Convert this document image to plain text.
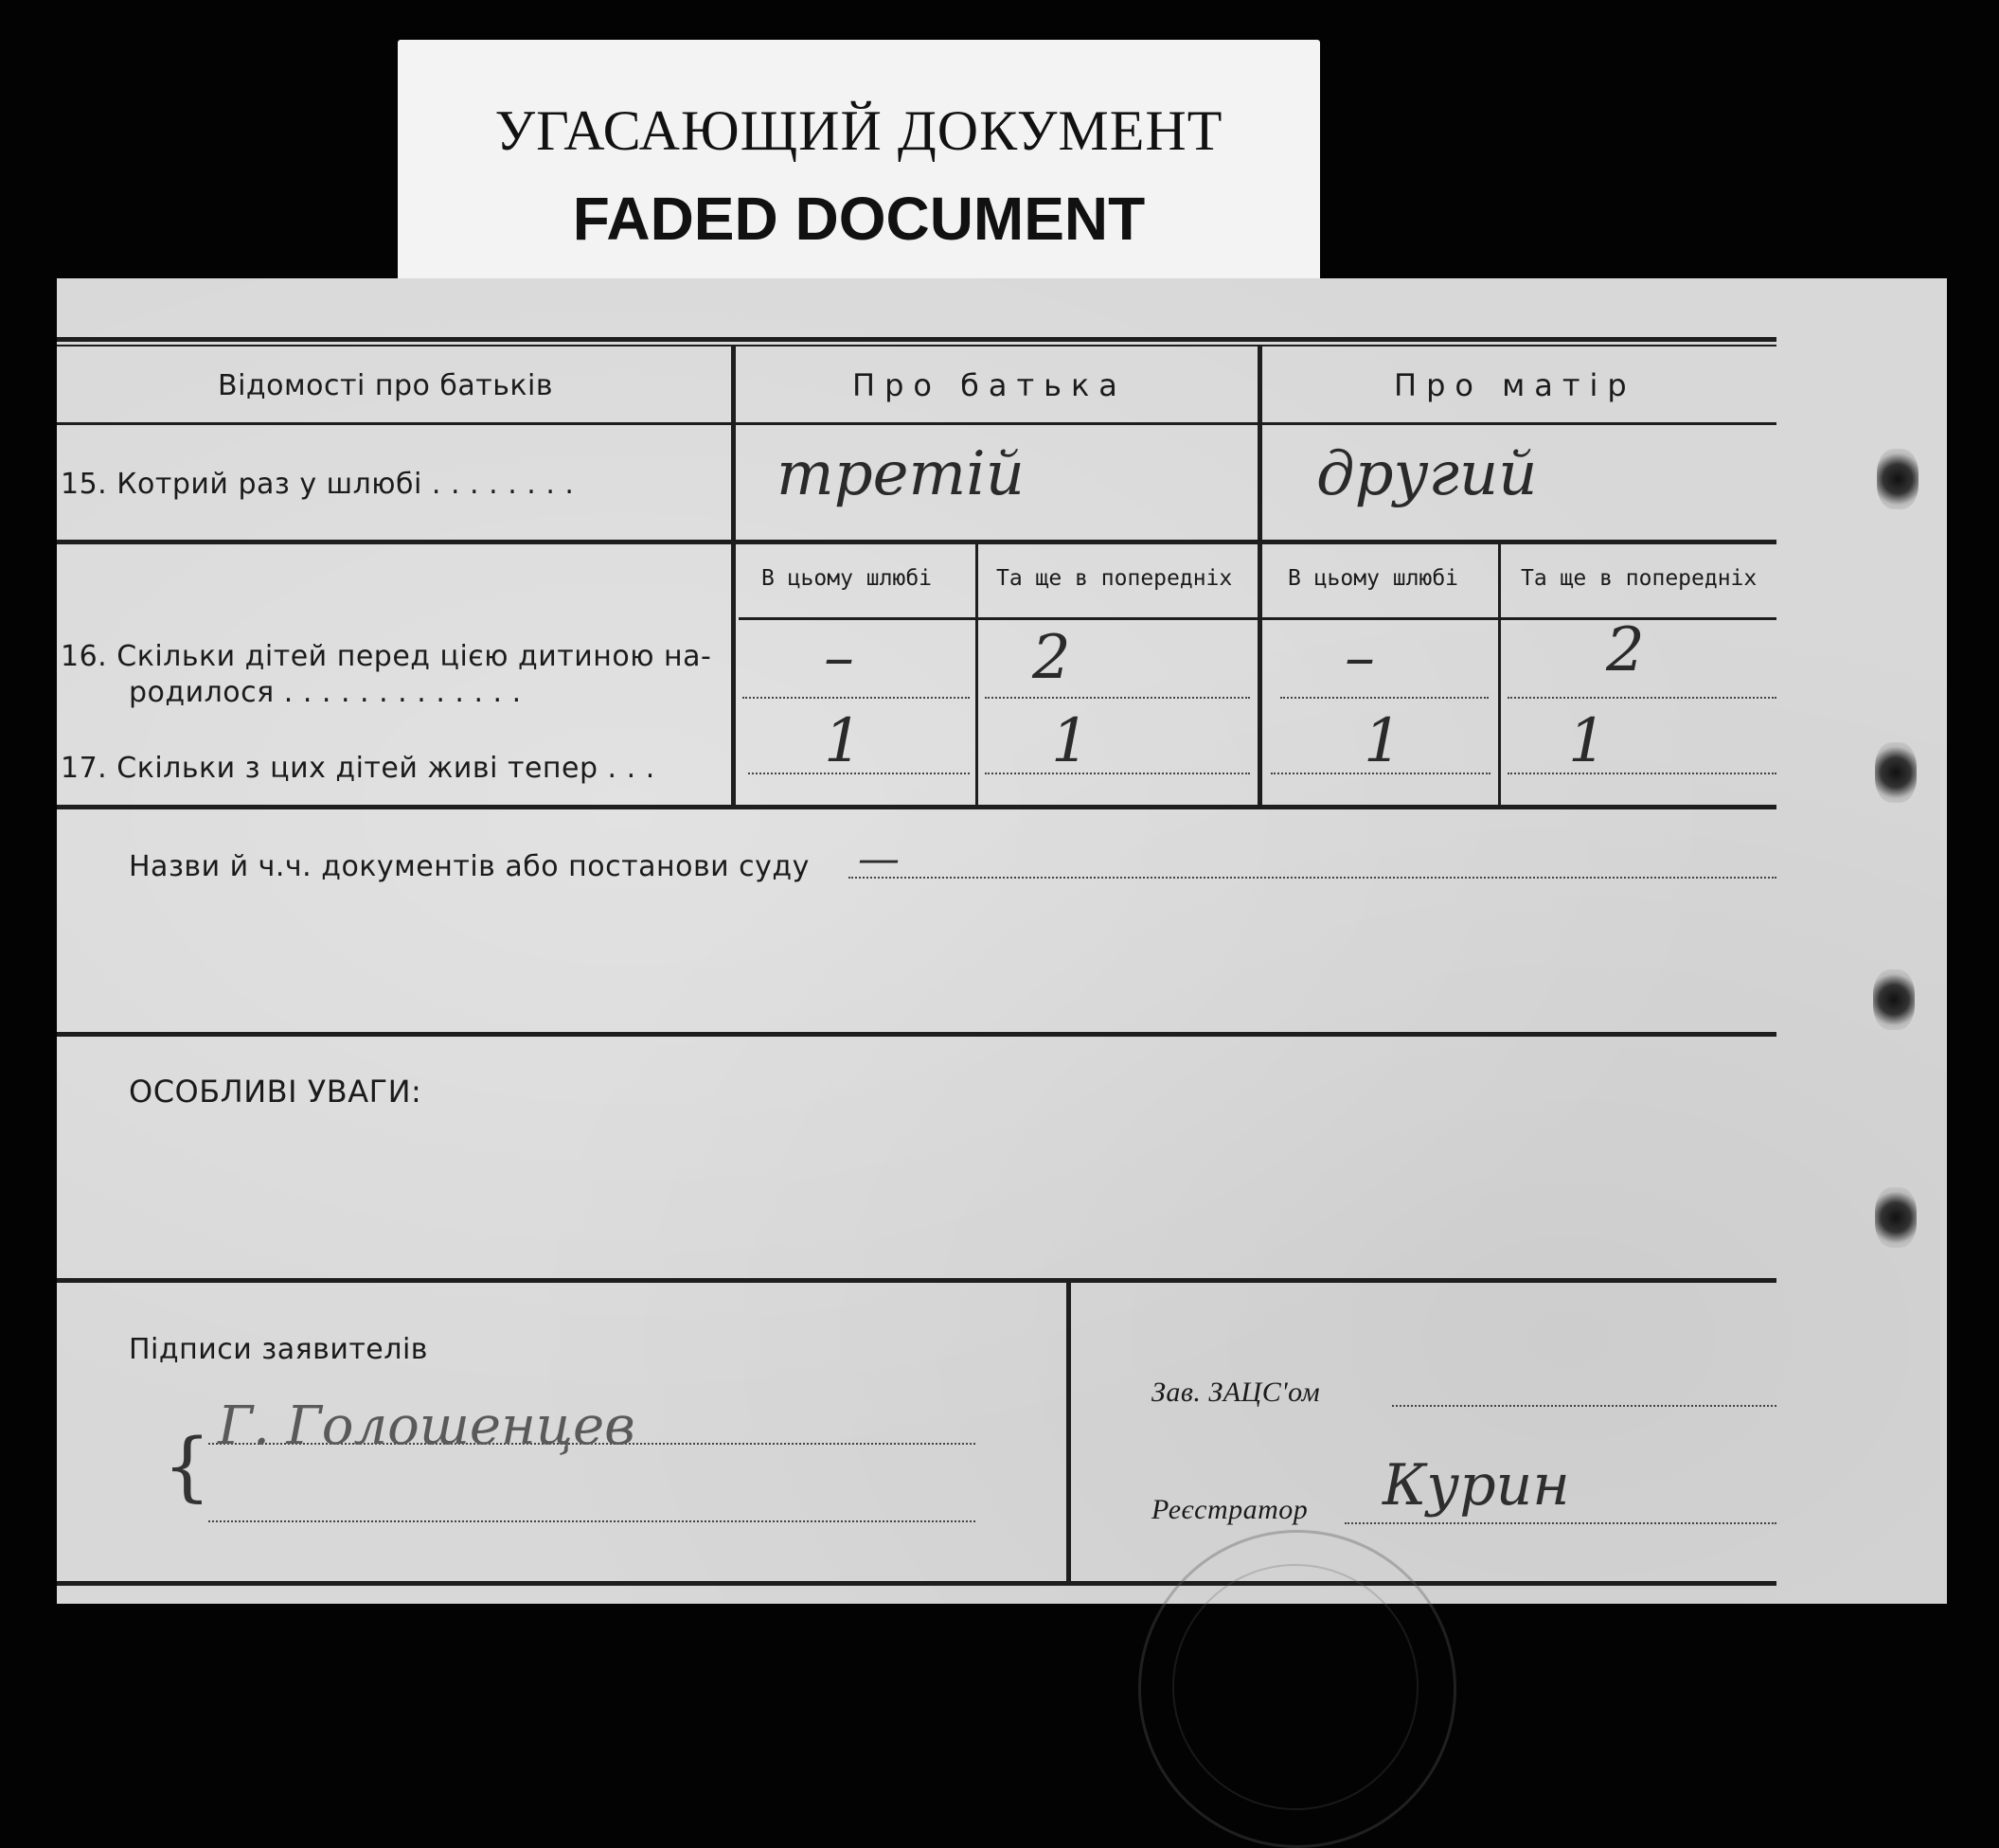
УГАСАЮЩИЙ ДОКУМЕНТ
FADED DOCUMENT
Відомості про батьків	Про батька	Про матір
15. Котрий раз у шлюбі . . . . . . . .	третій	другий
В цьому шлюбі	Та ще в попередніх	В цьому шлюбі	Та ще в попередніх
16. Скільки дітей перед цією дитиною на-
родилося . . . . . . . . . . . . .	–	2	–	2
17. Скільки з цих дітей живі тепер . . .	1	1	1	1
Назви й ч.ч. документів або постанови суду —
ОСОБЛИВІ УВАГИ:
Підписи заявителів
{ Г. Голошенцев
Зав. ЗАЦС'ом
Реєстратор Курин
